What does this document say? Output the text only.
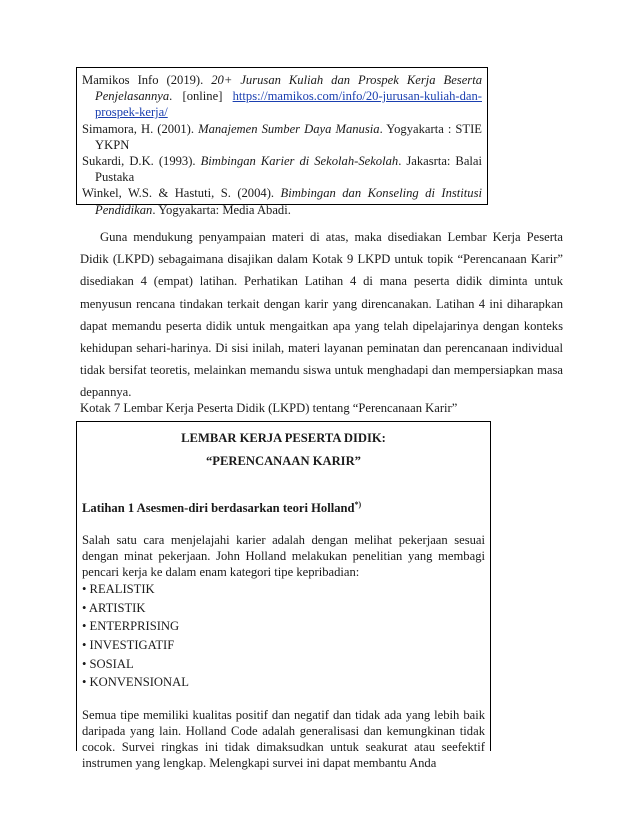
Mamikos Info (2019). 20+ Jurusan Kuliah dan Prospek Kerja Beserta Penjelasannya. [online] https://mamikos.com/info/20-jurusan-kuliah-dan-prospek-kerja/

Simamora, H. (2001). Manajemen Sumber Daya Manusia. Yogyakarta : STIE YKPN

Sukardi, D.K. (1993). Bimbingan Karier di Sekolah-Sekolah. Jakasrta: Balai Pustaka

Winkel, W.S. & Hastuti, S. (2004). Bimbingan dan Konseling di Institusi Pendidikan. Yogyakarta: Media Abadi.

Guna mendukung penyampaian materi di atas, maka disediakan Lembar Kerja Peserta Didik (LKPD) sebagaimana disajikan dalam Kotak 9 LKPD untuk topik “Perencanaan Karir” disediakan 4 (empat) latihan. Perhatikan Latihan 4 di mana peserta didik diminta untuk menyusun rencana tindakan terkait dengan karir yang direncanakan. Latihan 4 ini diharapkan dapat memandu peserta didik untuk mengaitkan apa yang telah dipelajarinya dengan konteks kehidupan sehari-harinya. Di sisi inilah, materi layanan peminatan dan perencanaan individual tidak bersifat teoretis, melainkan memandu siswa untuk menghadapi dan mempersiapkan masa depannya.

Kotak 7 Lembar Kerja Peserta Didik (LKPD) tentang “Perencanaan Karir”

LEMBAR KERJA PESERTA DIDIK:

“PERENCANAAN KARIR”

Latihan 1 Asesmen-diri berdasarkan teori Holland*)

Salah satu cara menjelajahi karier adalah dengan melihat pekerjaan sesuai dengan minat pekerjaan. John Holland melakukan penelitian yang membagi pencari kerja ke dalam enam kategori tipe kepribadian:

• REALISTIK
• ARTISTIK
• ENTERPRISING
• INVESTIGATIF
• SOSIAL
• KONVENSIONAL

Semua tipe memiliki kualitas positif dan negatif dan tidak ada yang lebih baik daripada yang lain. Holland Code adalah generalisasi dan kemungkinan tidak cocok. Survei ringkas ini tidak dimaksudkan untuk seakurat atau seefektif instrumen yang lengkap. Melengkapi survei ini dapat membantu Anda
